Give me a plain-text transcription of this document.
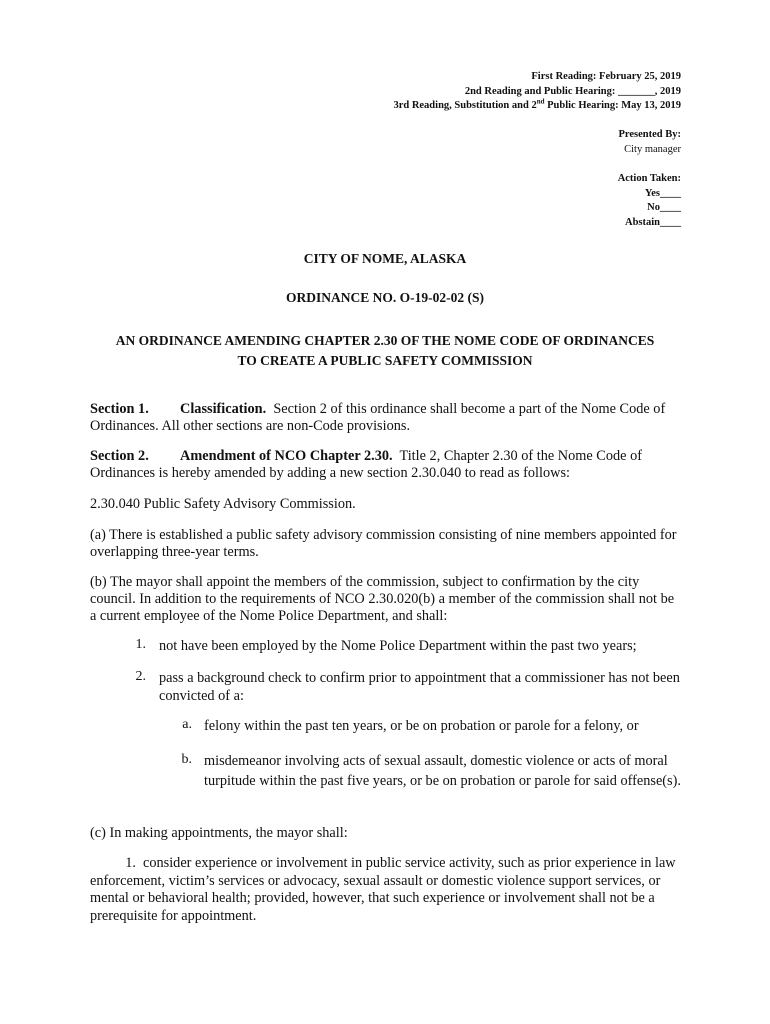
First Reading: February 25, 2019
2nd Reading and Public Hearing: _______, 2019
3rd Reading, Substitution and 2nd Public Hearing: May 13, 2019
Presented By:
City manager
Action Taken:
Yes____
No____
Abstain____
CITY OF NOME, ALASKA
ORDINANCE NO. O-19-02-02 (S)
AN ORDINANCE AMENDING CHAPTER 2.30 OF THE NOME CODE OF ORDINANCES
TO CREATE A PUBLIC SAFETY COMMISSION
Section 1. Classification. Section 2 of this ordinance shall become a part of the Nome Code of Ordinances. All other sections are non-Code provisions.
Section 2. Amendment of NCO Chapter 2.30. Title 2, Chapter 2.30 of the Nome Code of Ordinances is hereby amended by adding a new section 2.30.040 to read as follows:
2.30.040 Public Safety Advisory Commission.
(a) There is established a public safety advisory commission consisting of nine members appointed for overlapping three-year terms.
(b) The mayor shall appoint the members of the commission, subject to confirmation by the city council. In addition to the requirements of NCO 2.30.020(b) a member of the commission shall not be a current employee of the Nome Police Department, and shall:
1. not have been employed by the Nome Police Department within the past two years;
2. pass a background check to confirm prior to appointment that a commissioner has not been convicted of a:
a. felony within the past ten years, or be on probation or parole for a felony, or
b. misdemeanor involving acts of sexual assault, domestic violence or acts of moral turpitude within the past five years, or be on probation or parole for said offense(s).
(c) In making appointments, the mayor shall:
1. consider experience or involvement in public service activity, such as prior experience in law enforcement, victim’s services or advocacy, sexual assault or domestic violence support services, or mental or behavioral health; provided, however, that such experience or involvement shall not be a prerequisite for appointment.
